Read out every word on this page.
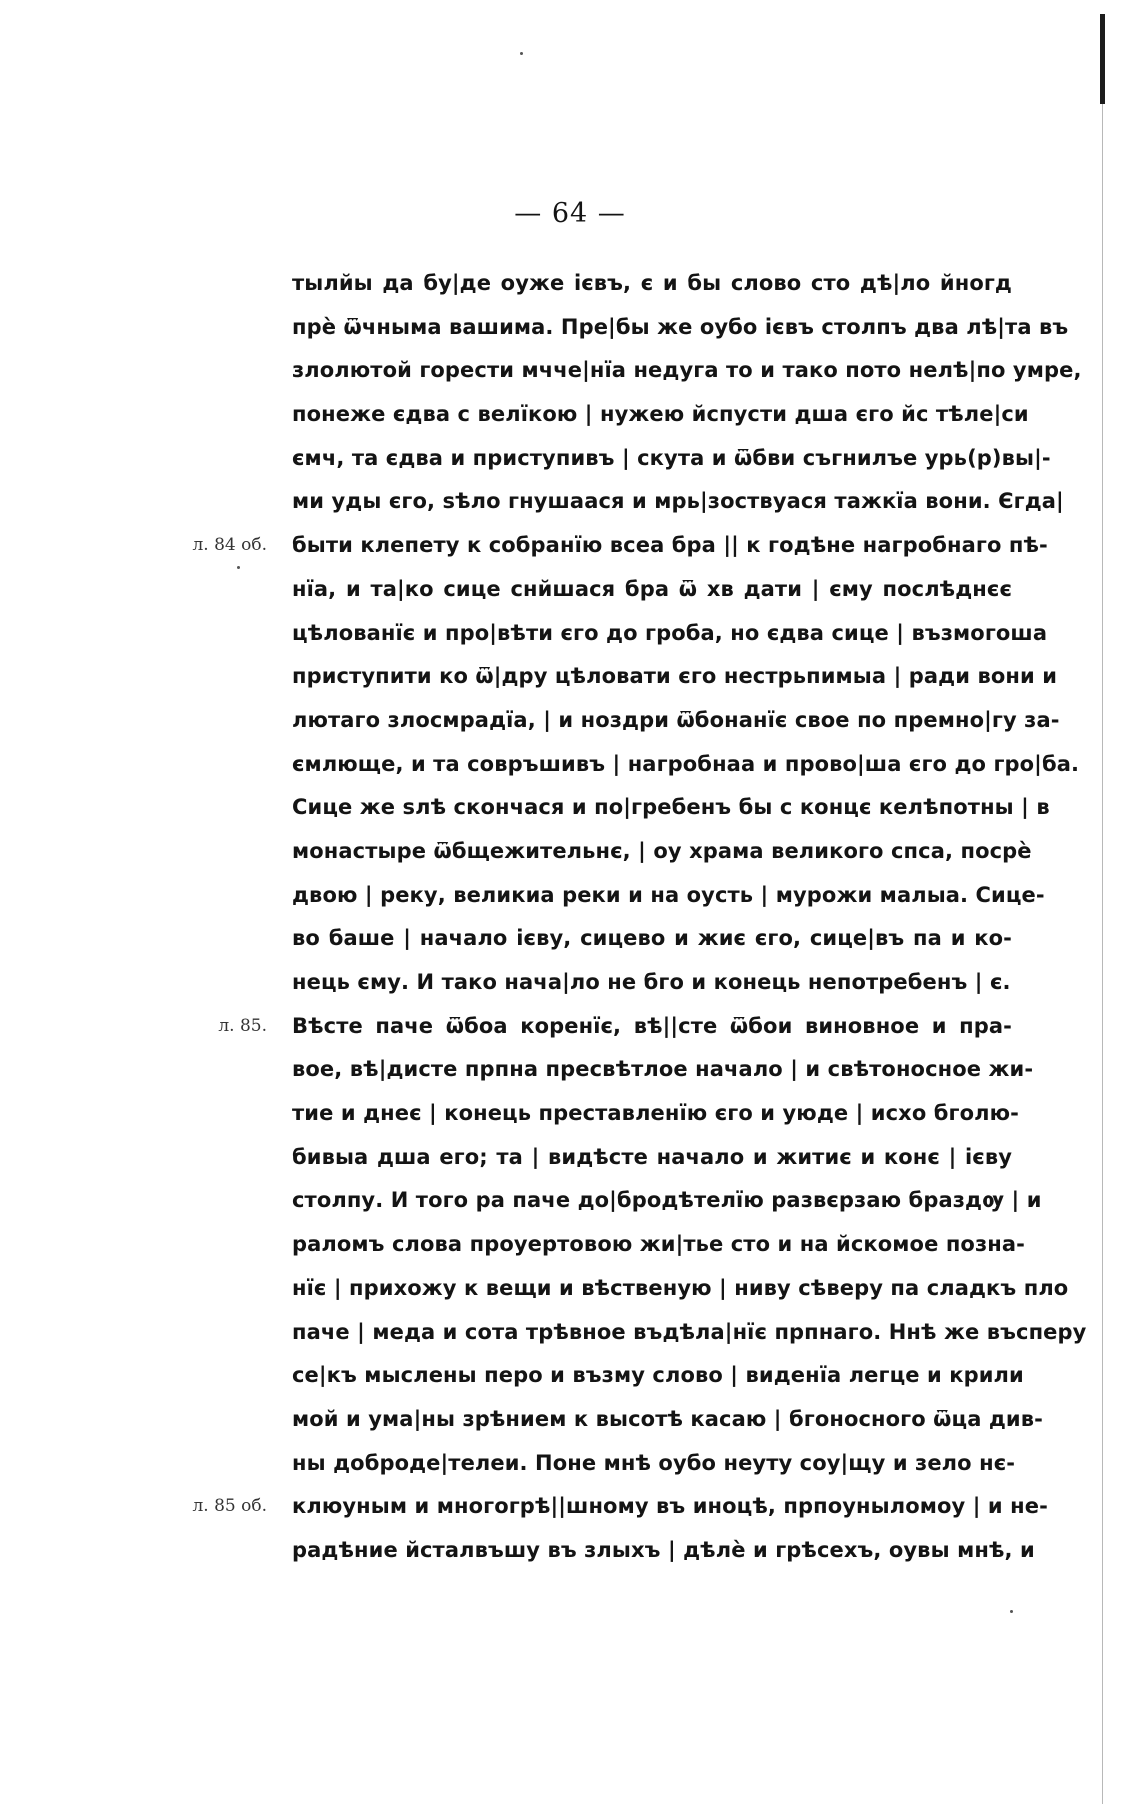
— 64 —
тылйы да бу|де оуже ієвъ, є и бы слово сто дѣ|ло йногд
прѐ ѿчныма вашима. Пре|бы же оубо ієвъ столпъ два лѣ|та въ
злолютой горести мчче|нїа недуга то и тако пото нелѣ|по умре,
понеже єдва с велїкою | нужею йспусти дша єго йс тѣле|си
ємч, та єдва и приступивъ | скута и ѿбви съгнилъе урь(р)вы|-
ми уды єго, ѕѣло гнушаася и мрь|зоствуася тажкїа вони. Єгда|
л. 84 об. быти клепету к собранїю всеа бра || к годѣне нагробнаго пѣ-
нїа, и та|ко сице снйшася бра ѿ хв дати | єму послѣднєє
цѣлованїє и про|вѣти єго до гроба, но єдва сице | възмогоша
приступити ко ѿ|дру цѣловати єго нестрьпимыа | ради вони и
лютаго злосмрадїа, | и ноздри ѿбонанїє свое по премно|гу за-
ємлюще, и та совръшивъ | нагробнаа и прово|ша єго до гро|ба.
Сице же ѕлѣ скончася и по|гребенъ бы с концє келѣпотны | в
монастыре ѿбщежительнє, | оу храма великого спса, посрѐ
двою | реку, великиа реки и на оусть | мурожи малыа. Сице-
во баше | начало ієву, сицево и жиє єго, сице|въ па и ко-
нець єму. И тако нача|ло не бго и конець непотребенъ | є.
л. 85. Вѣсте паче ѿбоа коренїє, вѣ||сте ѿбои виновное и пра-
вое, вѣ|дисте прпна пресвѣтлое начало | и свѣтоносное жи-
тие и днеє | конець преставленїю єго и уюде | исхо бголю-
бивыа дша его; та | видѣсте начало и житиє и конє | ієву
столпу. И того ра паче до|бродѣтелїю развєрзаю браздѹ | и
раломъ слова проуертовою жи|тье сто и на йскомое позна-
нїє | прихожу к вещи и вѣственую | ниву сѣверу па сладкъ пло
паче | меда и сота трѣвное въдѣла|нїє прпнаго. Ннѣ же въсперу
се|къ мыслены перо и възму слово | виденїа легце и крили
мой и ума|ны зрѣнием к высотѣ касаю | бгоносного ѿца див-
ны доброде|телеи. Поне мнѣ оубо неуту соу|щу и зело нє-
л. 85 об. клюуным и многогрѣ||шному въ иноцѣ, прпоуныломоу | и не-
радѣние йсталвъшу въ злыхъ | дѣлѐ и грѣсехъ, оувы мнѣ, и
